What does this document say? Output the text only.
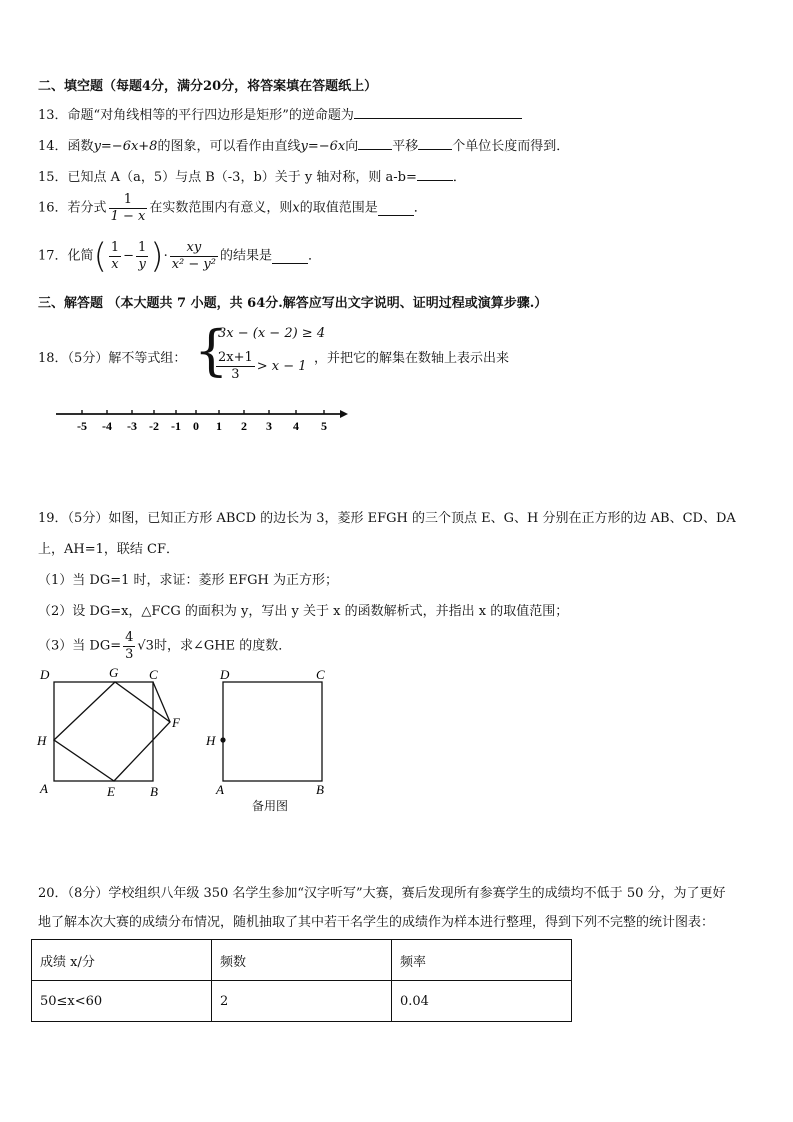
二、填空题（每题4分，满分20分，将答案填在答题纸上）
13．命题“对角线相等的平行四边形是矩形”的逆命题为
14．函数y=−6x+8的图象，可以看作由直线y=−6x向	平移	个单位长度而得到．
15．已知点 A（a，5）与点 B（-3，b）关于 y 轴对称，则 a-b=	．
16．若分式 $\frac{1}{1 - x}$ 在实数范围内有意义，则x的取值范围是	．
17．化简( $\frac{1}{x} - \frac{1}{y}$ )· $\frac{xy}{\text{x² − y²}}$ 的结果是	．
三、解答题 （本大题共 7 小题，共 64分.解答应写出文字说明、证明过程或演算步骤.）
18．（5分）解不等式组： {
3x − (x − 2) ≥ 4
$\frac{2x+1}{3} > x - 1$
，并把它的解集在数轴上表示出来
-5 -4 -3 -2 -1 0 1 2 3 4 5
19．（5分）如图，已知正方形 ABCD 的边长为 3，菱形 EFGH 的三个顶点 E、G、H 分别在正方形的边 AB、CD、DA
上，AH=1，联结 CF．
（1）当 DG=1 时，求证：菱形 EFGH 为正方形；
（2）设 DG=x，△FCG 的面积为 y，写出 y 关于 x 的函数解析式，并指出 x 的取值范围；
（3）当 $DG= \frac{4}{3} √3$时，求∠GHE 的度数．
D	G C
F
H
A	E	B
D	C
H
A	B
备用图
20．（8分）学校组织八年级 350 名学生参加“汉字听写”大赛，赛后发现所有参赛学生的成绩均不低于 50 分，为了更好
地了解本次大赛的成绩分布情况，随机抽取了其中若干名学生的成绩作为样本进行整理，得到下列不完整的统计图表：
成绩 x/分	频数	频率
50≤x<60	2	0.04
